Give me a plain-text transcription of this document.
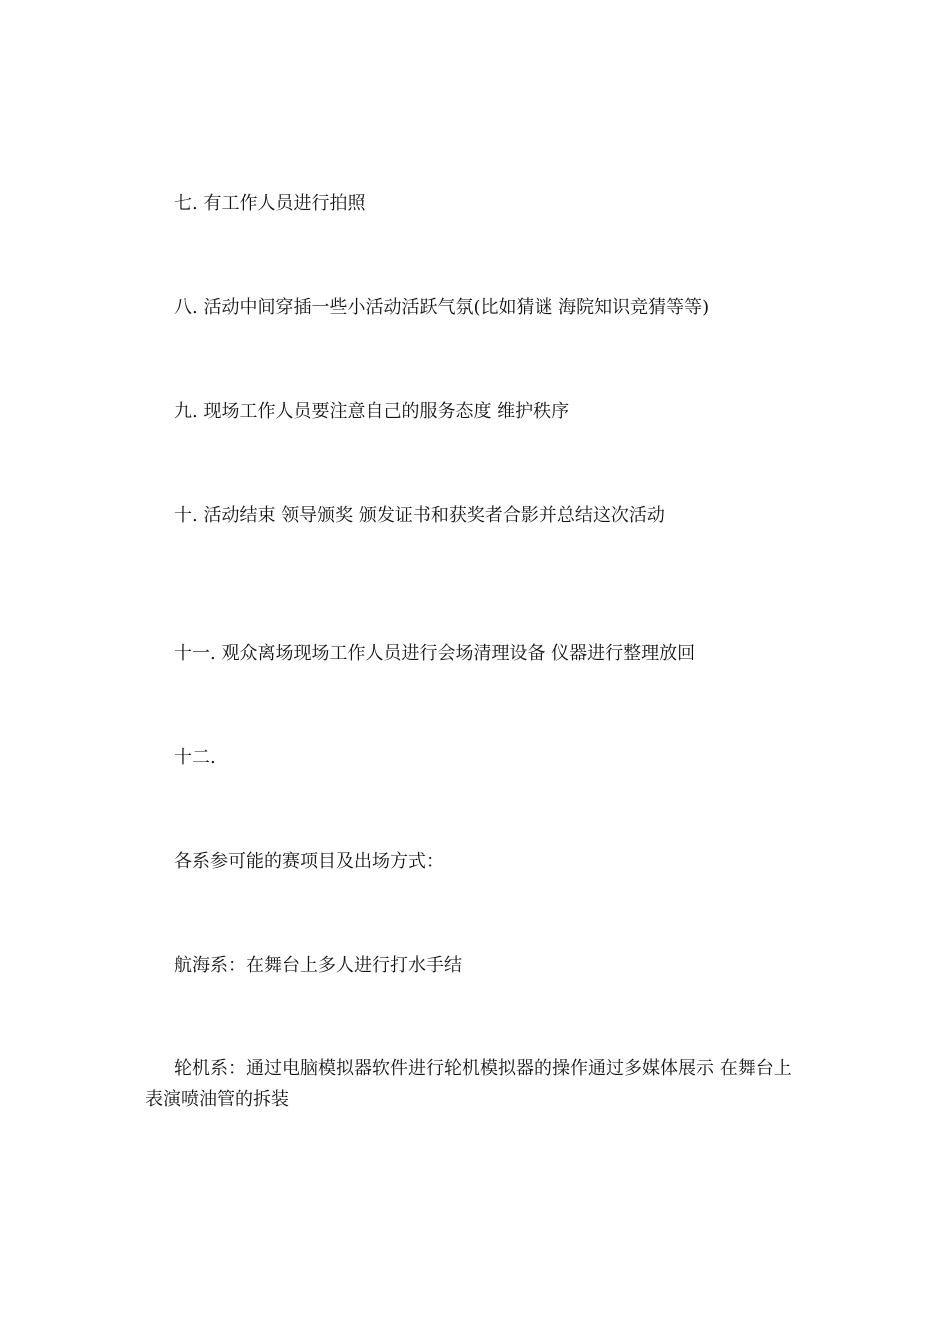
七. 有工作人员进行拍照

八. 活动中间穿插一些小活动活跃气氛(比如猜谜 海院知识竞猜等等)

九. 现场工作人员要注意自己的服务态度 维护秩序

十. 活动结束 领导颁奖 颁发证书和获奖者合影并总结这次活动

十一. 观众离场现场工作人员进行会场清理设备 仪器进行整理放回

十二.

各系参可能的赛项目及出场方式：

航海系：在舞台上多人进行打水手结

轮机系：通过电脑模拟器软件进行轮机模拟器的操作通过多媒体展示 在舞台上表演喷油管的拆装
